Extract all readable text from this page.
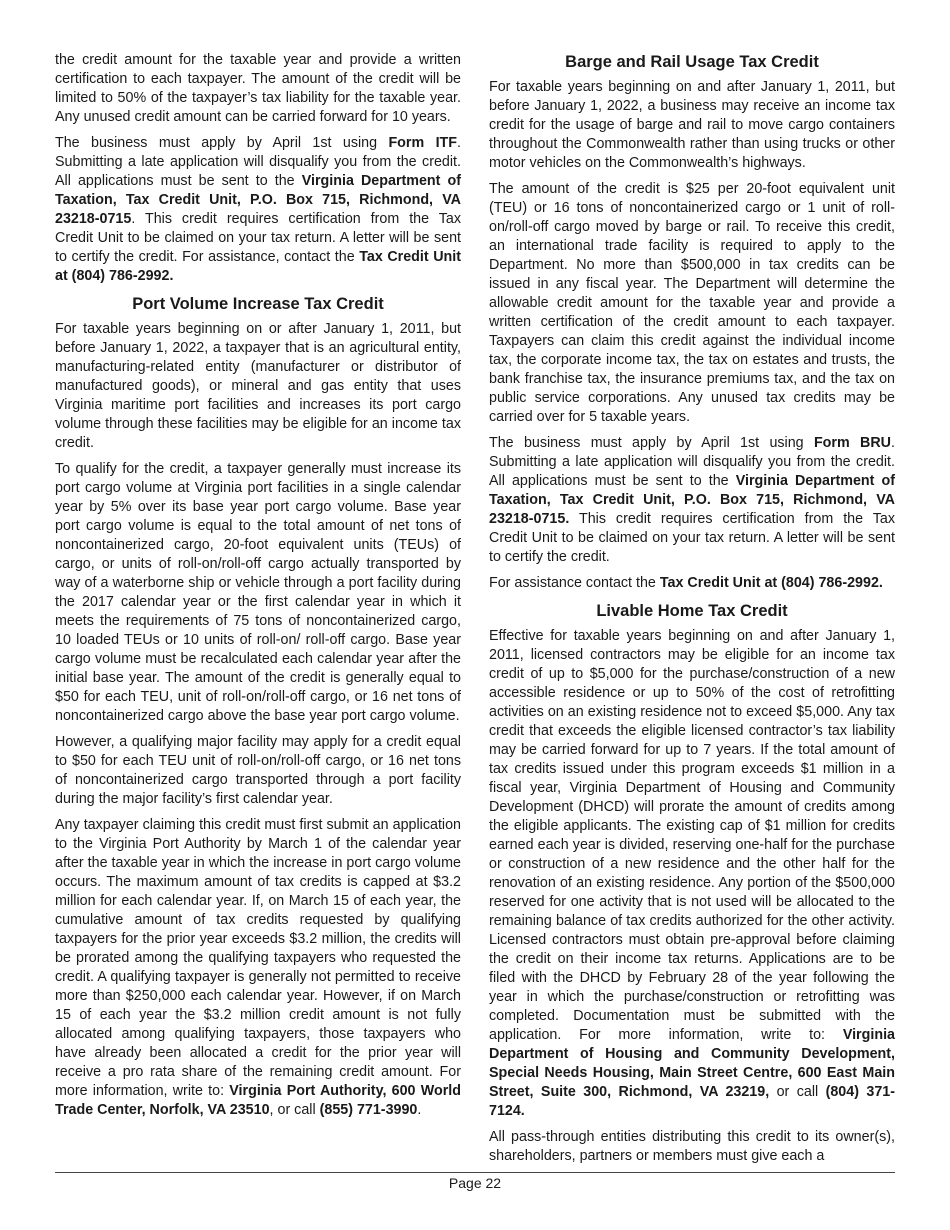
the credit amount for the taxable year and provide a written certification to each taxpayer. The amount of the credit will be limited to 50% of the taxpayer’s tax liability for the taxable year. Any unused credit amount can be carried forward for 10 years.

The business must apply by April 1st using Form ITF. Submitting a late application will disqualify you from the credit. All applications must be sent to the Virginia Department of Taxation, Tax Credit Unit, P.O. Box 715, Richmond, VA 23218-0715. This credit requires certification from the Tax Credit Unit to be claimed on your tax return. A letter will be sent to certify the credit. For assistance, contact the Tax Credit Unit at (804) 786-2992.

Port Volume Increase Tax Credit

For taxable years beginning on or after January 1, 2011, but before January 1, 2022, a taxpayer that is an agricultural entity, manufacturing-related entity (manufacturer or distributor of manufactured goods), or mineral and gas entity that uses Virginia maritime port facilities and increases its port cargo volume through these facilities may be eligible for an income tax credit.

To qualify for the credit, a taxpayer generally must increase its port cargo volume at Virginia port facilities in a single calendar year by 5% over its base year port cargo volume. Base year port cargo volume is equal to the total amount of net tons of noncontainerized cargo, 20-foot equivalent units (TEUs) of cargo, or units of roll-on/roll-off cargo actually transported by way of a waterborne ship or vehicle through a port facility during the 2017 calendar year or the first calendar year in which it meets the requirements of 75 tons of noncontainerized cargo, 10 loaded TEUs or 10 units of roll-on/ roll-off cargo. Base year cargo volume must be recalculated each calendar year after the initial base year. The amount of the credit is generally equal to $50 for each TEU, unit of roll-on/roll-off cargo, or 16 net tons of noncontainerized cargo above the base year port cargo volume.

However, a qualifying major facility may apply for a credit equal to $50 for each TEU unit of roll-on/roll-off cargo, or 16 net tons of noncontainerized cargo transported through a port facility during the major facility’s first calendar year.

Any taxpayer claiming this credit must first submit an application to the Virginia Port Authority by March 1 of the calendar year after the taxable year in which the increase in port cargo volume occurs. The maximum amount of tax credits is capped at $3.2 million for each calendar year. If, on March 15 of each year, the cumulative amount of tax credits requested by qualifying taxpayers for the prior year exceeds $3.2 million, the credits will be prorated among the qualifying taxpayers who requested the credit. A qualifying taxpayer is generally not permitted to receive more than $250,000 each calendar year. However, if on March 15 of each year the $3.2 million credit amount is not fully allocated among qualifying taxpayers, those taxpayers who have already been allocated a credit for the prior year will receive a pro rata share of the remaining credit amount. For more information, write to: Virginia Port Authority, 600 World Trade Center, Norfolk, VA 23510, or call (855) 771-3990.

Barge and Rail Usage Tax Credit

For taxable years beginning on and after January 1, 2011, but before January 1, 2022, a business may receive an income tax credit for the usage of barge and rail to move cargo containers throughout the Commonwealth rather than using trucks or other motor vehicles on the Commonwealth’s highways.

The amount of the credit is $25 per 20-foot equivalent unit (TEU) or 16 tons of noncontainerized cargo or 1 unit of roll-on/roll-off cargo moved by barge or rail. To receive this credit, an international trade facility is required to apply to the Department. No more than $500,000 in tax credits can be issued in any fiscal year. The Department will determine the allowable credit amount for the taxable year and provide a written certification of the credit amount to each taxpayer. Taxpayers can claim this credit against the individual income tax, the corporate income tax, the tax on estates and trusts, the bank franchise tax, the insurance premiums tax, and the tax on public service corporations. Any unused tax credits may be carried over for 5 taxable years.

The business must apply by April 1st using Form BRU. Submitting a late application will disqualify you from the credit. All applications must be sent to the Virginia Department of Taxation, Tax Credit Unit, P.O. Box 715, Richmond, VA 23218-0715. This credit requires certification from the Tax Credit Unit to be claimed on your tax return. A letter will be sent to certify the credit.

For assistance contact the Tax Credit Unit at (804) 786-2992.

Livable Home Tax Credit

Effective for taxable years beginning on and after January 1, 2011, licensed contractors may be eligible for an income tax credit of up to $5,000 for the purchase/construction of a new accessible residence or up to 50% of the cost of retrofitting activities on an existing residence not to exceed $5,000. Any tax credit that exceeds the eligible licensed contractor’s tax liability may be carried forward for up to 7 years. If the total amount of tax credits issued under this program exceeds $1 million in a fiscal year, Virginia Department of Housing and Community Development (DHCD) will prorate the amount of credits among the eligible applicants. The existing cap of $1 million for credits earned each year is divided, reserving one-half for the purchase or construction of a new residence and the other half for the renovation of an existing residence. Any portion of the $500,000 reserved for one activity that is not used will be allocated to the remaining balance of tax credits authorized for the other activity. Licensed contractors must obtain pre-approval before claiming the credit on their income tax returns. Applications are to be filed with the DHCD by February 28 of the year following the year in which the purchase/construction or retrofitting was completed. Documentation must be submitted with the application. For more information, write to: Virginia Department of Housing and Community Development, Special Needs Housing, Main Street Centre, 600 East Main Street, Suite 300, Richmond, VA 23219, or call (804) 371-7124.

All pass-through entities distributing this credit to its owner(s), shareholders, partners or members must give each a

Page 22
